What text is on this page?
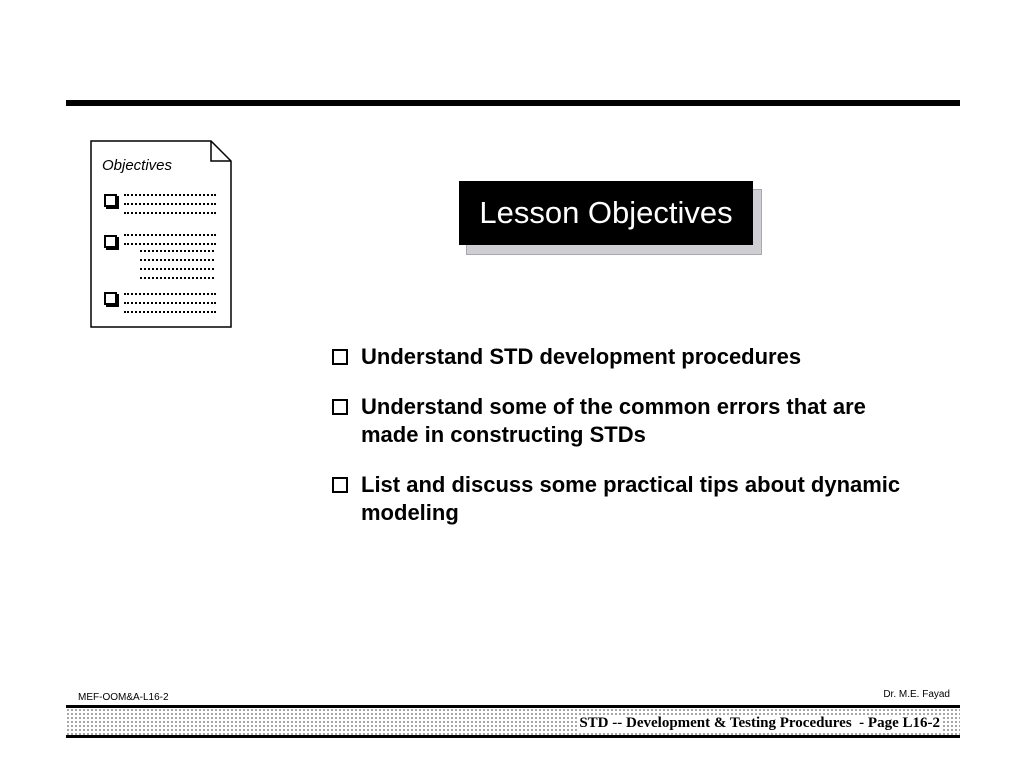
Objectives
Lesson Objectives
Understand STD development procedures
Understand some of the common errors that are made in constructing STDs
List and discuss some practical tips about dynamic modeling
MEF-OOM&A-L16-2	Dr. M.E. Fayad
STD -- Development & Testing Procedures  - Page L16-2
